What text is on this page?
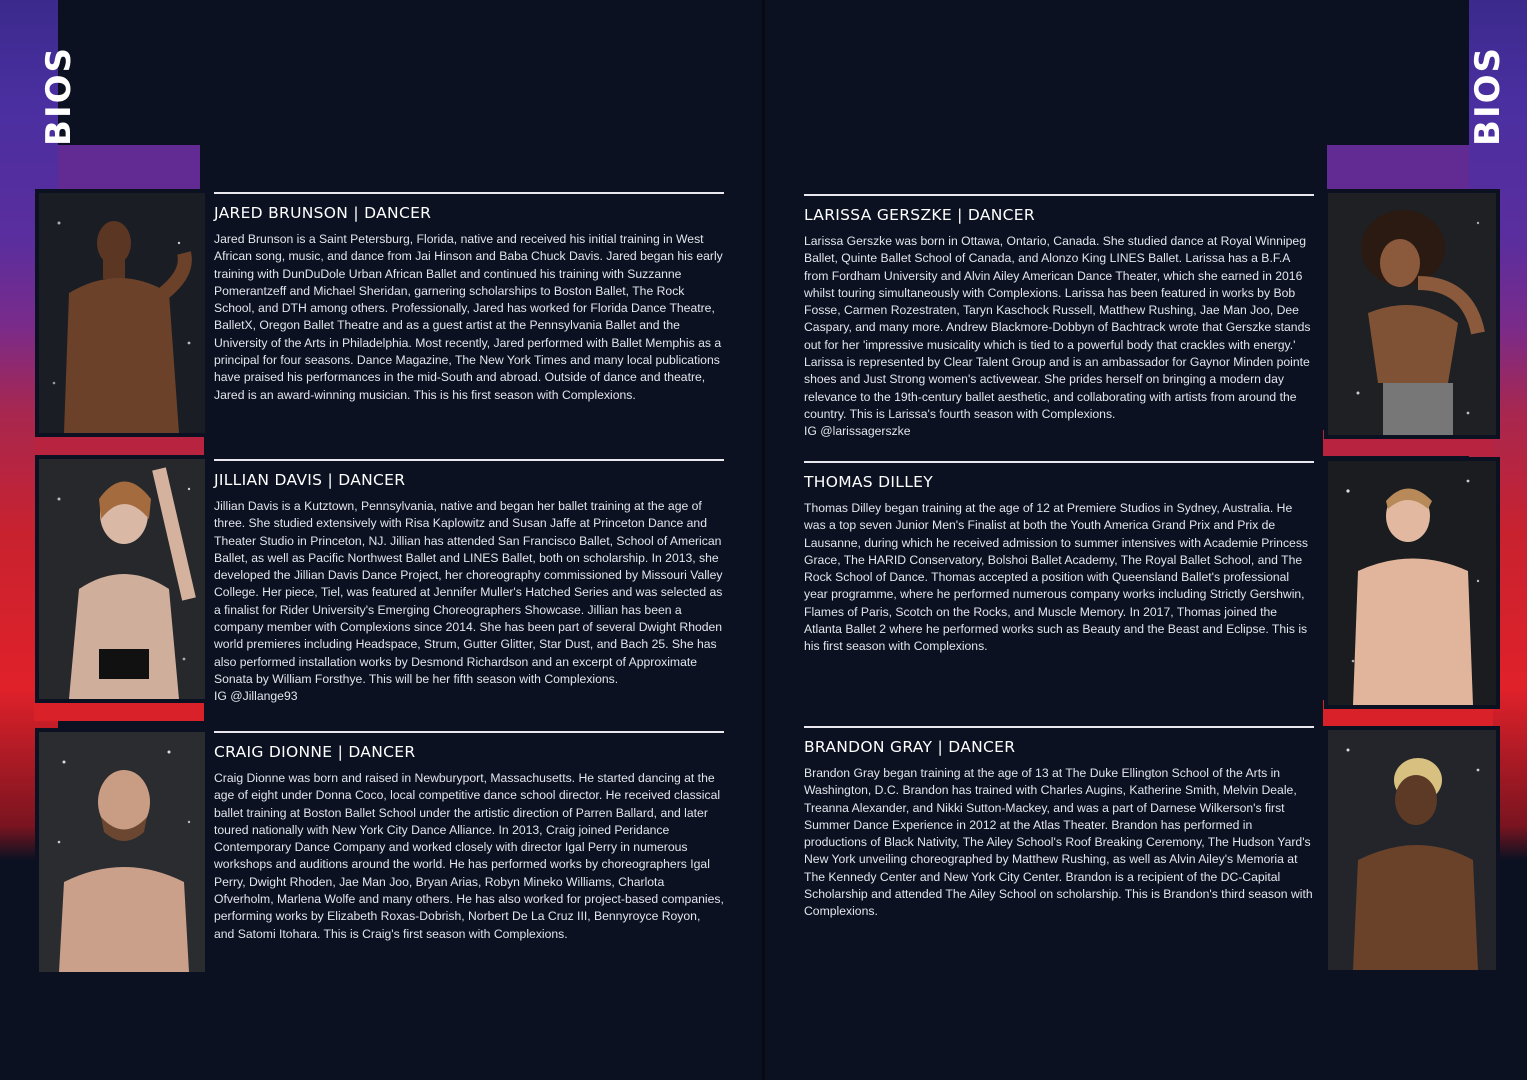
BIOS	BIOS
JARED BRUNSON | DANCER

Jared Brunson is a Saint Petersburg, Florida, native and received his initial training in West African song, music, and dance from Jai Hinson and Baba Chuck Davis. Jared began his early training with DunDuDole Urban African Ballet and continued his training with Suzzanne Pomerantzeff and Michael Sheridan, garnering scholarships to Boston Ballet, The Rock School, and DTH among others. Professionally, Jared has worked for Florida Dance Theatre, BalletX, Oregon Ballet Theatre and as a guest artist at the Pennsylvania Ballet and the University of the Arts in Philadelphia. Most recently, Jared performed with Ballet Memphis as a principal for four seasons. Dance Magazine, The New York Times and many local publications have praised his performances in the mid-South and abroad. Outside of dance and theatre, Jared is an award-winning musician. This is his first season with Complexions.

JILLIAN DAVIS | DANCER

Jillian Davis is a Kutztown, Pennsylvania, native and began her ballet training at the age of three. She studied extensively with Risa Kaplowitz and Susan Jaffe at Princeton Dance and Theater Studio in Princeton, NJ. Jillian has attended San Francisco Ballet, School of American Ballet, as well as Pacific Northwest Ballet and LINES Ballet, both on scholarship. In 2013, she developed the Jillian Davis Dance Project, her choreography commissioned by Missouri Valley College. Her piece, Tiel, was featured at Jennifer Muller's Hatched Series and was selected as a finalist for Rider University's Emerging Choreographers Showcase. Jillian has been a company member with Complexions since 2014. She has been part of several Dwight Rhoden world premieres including Headspace, Strum, Gutter Glitter, Star Dust, and Bach 25. She has also performed installation works by Desmond Richardson and an excerpt of Approximate Sonata by William Forsthye. This will be her fifth season with Complexions.

IG @Jillange93
CRAIG DIONNE | DANCER

Craig Dionne was born and raised in Newburyport, Massachusetts. He started dancing at the age of eight under Donna Coco, local competitive dance school director. He received classical ballet training at Boston Ballet School under the artistic direction of Parren Ballard, and later toured nationally with New York City Dance Alliance. In 2013, Craig joined Peridance Contemporary Dance Company and worked closely with director Igal Perry in numerous workshops and auditions around the world. He has performed works by choreographers Igal Perry, Dwight Rhoden, Jae Man Joo, Bryan Arias, Robyn Mineko Williams, Charlota Ofverholm, Marlena Wolfe and many others. He has also worked for project-based companies, performing works by Elizabeth Roxas-Dobrish, Norbert De La Cruz III, Bennyroyce Royon, and Satomi Itohara. This is Craig's first season with Complexions.

LARISSA GERSZKE | DANCER

Larissa Gerszke was born in Ottawa, Ontario, Canada. She studied dance at Royal Winnipeg Ballet, Quinte Ballet School of Canada, and Alonzo King LINES Ballet. Larissa has a B.F.A from Fordham University and Alvin Ailey American Dance Theater, which she earned in 2016 whilst touring simultaneously with Complexions. Larissa has been featured in works by Bob Fosse, Carmen Rozestraten, Taryn Kaschock Russell, Matthew Rushing, Jae Man Joo, Dee Caspary, and many more. Andrew Blackmore-Dobbyn of Bachtrack wrote that Gerszke stands out for her 'impressive musicality which is tied to a powerful body that crackles with energy.' Larissa is represented by Clear Talent Group and is an ambassador for Gaynor Minden pointe shoes and Just Strong women's activewear. She prides herself on bringing a modern day relevance to the 19th-century ballet aesthetic, and collaborating with artists from around the country. This is Larissa's fourth season with Complexions.

IG @larissagerszke
THOMAS DILLEY

Thomas Dilley began training at the age of 12 at Premiere Studios in Sydney, Australia. He was a top seven Junior Men's Finalist at both the Youth America Grand Prix and Prix de Lausanne, during which he received admission to summer intensives with Academie Princess Grace, The HARID Conservatory, Bolshoi Ballet Academy, The Royal Ballet School, and The Rock School of Dance. Thomas accepted a position with Queensland Ballet's professional year programme, where he performed numerous company works including Strictly Gershwin, Flames of Paris, Scotch on the Rocks, and Muscle Memory. In 2017, Thomas joined the Atlanta Ballet 2 where he performed works such as Beauty and the Beast and Eclipse. This is his first season with Complexions.

BRANDON GRAY | DANCER

Brandon Gray began training at the age of 13 at The Duke Ellington School of the Arts in Washington, D.C. Brandon has trained with Charles Augins, Katherine Smith, Melvin Deale, Treanna Alexander, and Nikki Sutton-Mackey, and was a part of Darnese Wilkerson's first Summer Dance Experience in 2012 at the Atlas Theater. Brandon has performed in productions of Black Nativity, The Ailey School's Roof Breaking Ceremony, The Hudson Yard's New York unveiling choreographed by Matthew Rushing, as well as Alvin Ailey's Memoria at The Kennedy Center and New York City Center. Brandon is a recipient of the DC-Capital Scholarship and attended The Ailey School on scholarship. This is Brandon's third season with Complexions.
